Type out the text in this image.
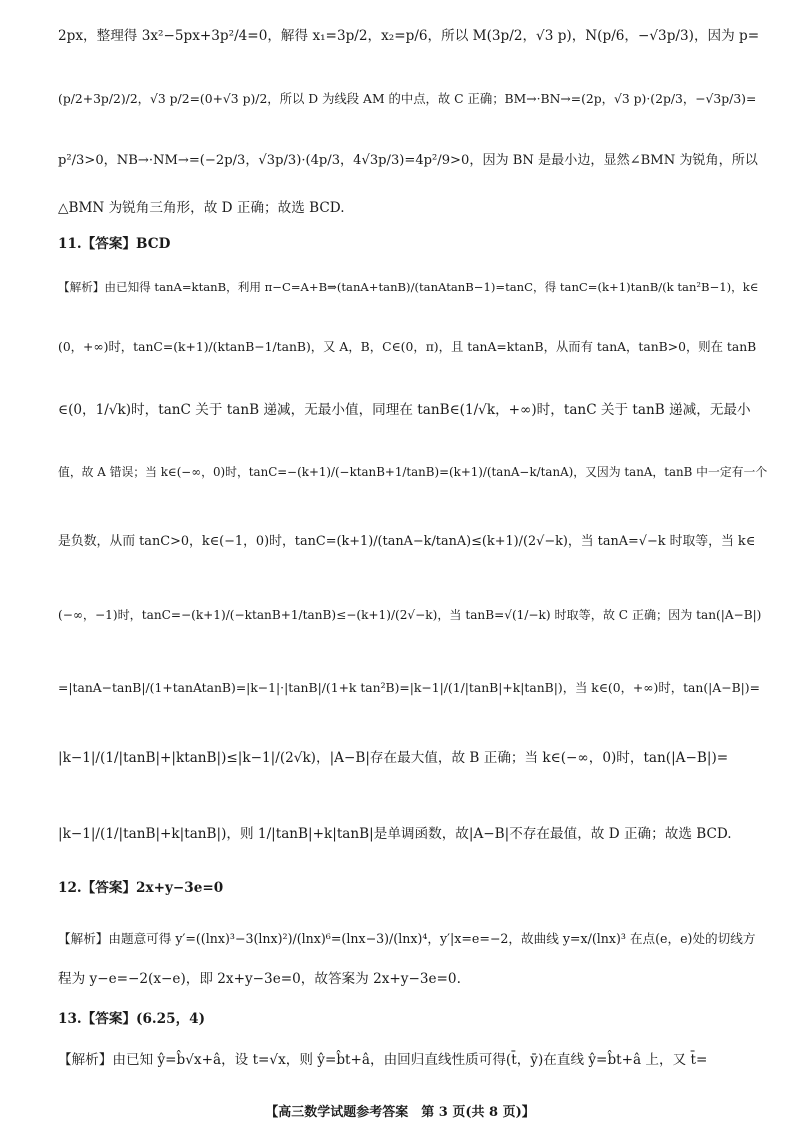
2px，整理得 3x²−5px+3p²/4=0，解得 x₁=3p/2，x₂=p/6，所以 M(3p/2，√3 p)，N(p/6，−√3p/3)，因为 p=
(p/2+3p/2)/2，√3 p/2=(0+√3 p)/2，所以 D 为线段 AM 的中点，故 C 正确；BM→·BN→=(2p，√3 p)·(2p/3，−√3p/3)=
p²/3>0，NB→·NM→=(−2p/3，√3p/3)·(4p/3，4√3p/3)=4p²/9>0，因为 BN 是最小边，显然∠BMN 为锐角，所以
△BMN 为锐角三角形，故 D 正确；故选 BCD.
11.【答案】BCD
【解析】由已知得 tanA=ktanB，利用 π−C=A+B⇒(tanA+tanB)/(tanAtanB−1)=tanC，得 tanC=(k+1)tanB/(k tan²B−1)，k∈
(0，+∞)时，tanC=(k+1)/(ktanB−1/tanB)，又 A，B，C∈(0，π)，且 tanA=ktanB，从而有 tanA，tanB>0，则在 tanB
∈(0，1/√k)时，tanC 关于 tanB 递减，无最小值，同理在 tanB∈(1/√k，+∞)时，tanC 关于 tanB 递减，无最小
值，故 A 错误；当 k∈(−∞，0)时，tanC=−(k+1)/(−ktanB+1/tanB)=(k+1)/(tanA−k/tanA)，又因为 tanA，tanB 中一定有一个
是负数，从而 tanC>0，k∈(−1，0)时，tanC=(k+1)/(tanA−k/tanA)≤(k+1)/(2√−k)，当 tanA=√−k 时取等，当 k∈
(−∞，−1)时，tanC=−(k+1)/(−ktanB+1/tanB)≤−(k+1)/(2√−k)，当 tanB=√(1/−k) 时取等，故 C 正确；因为 tan(|A−B|)
=|tanA−tanB|/(1+tanAtanB)=|k−1|·|tanB|/(1+k tan²B)=|k−1|/(1/|tanB|+k|tanB|)，当 k∈(0，+∞)时，tan(|A−B|)=
|k−1|/(1/|tanB|+|ktanB|)≤|k−1|/(2√k)，|A−B|存在最大值，故 B 正确；当 k∈(−∞，0)时，tan(|A−B|)=
|k−1|/(1/|tanB|+k|tanB|)，则 1/|tanB|+k|tanB|是单调函数，故|A−B|不存在最值，故 D 正确；故选 BCD.
12.【答案】2x+y−3e=0
【解析】由题意可得 y′=((lnx)³−3(lnx)²)/(lnx)⁶=(lnx−3)/(lnx)⁴，y′|x=e=−2，故曲线 y=x/(lnx)³ 在点(e，e)处的切线方
程为 y−e=−2(x−e)，即 2x+y−3e=0，故答案为 2x+y−3e=0.
13.【答案】(6.25，4)
【解析】由已知 ŷ=b̂√x+â，设 t=√x，则 ŷ=b̂t+â，由回归直线性质可得(t̄，ȳ)在直线 ŷ=b̂t+â 上，又 t̄=
【高三数学试题参考答案　第 3 页(共 8 页)】
